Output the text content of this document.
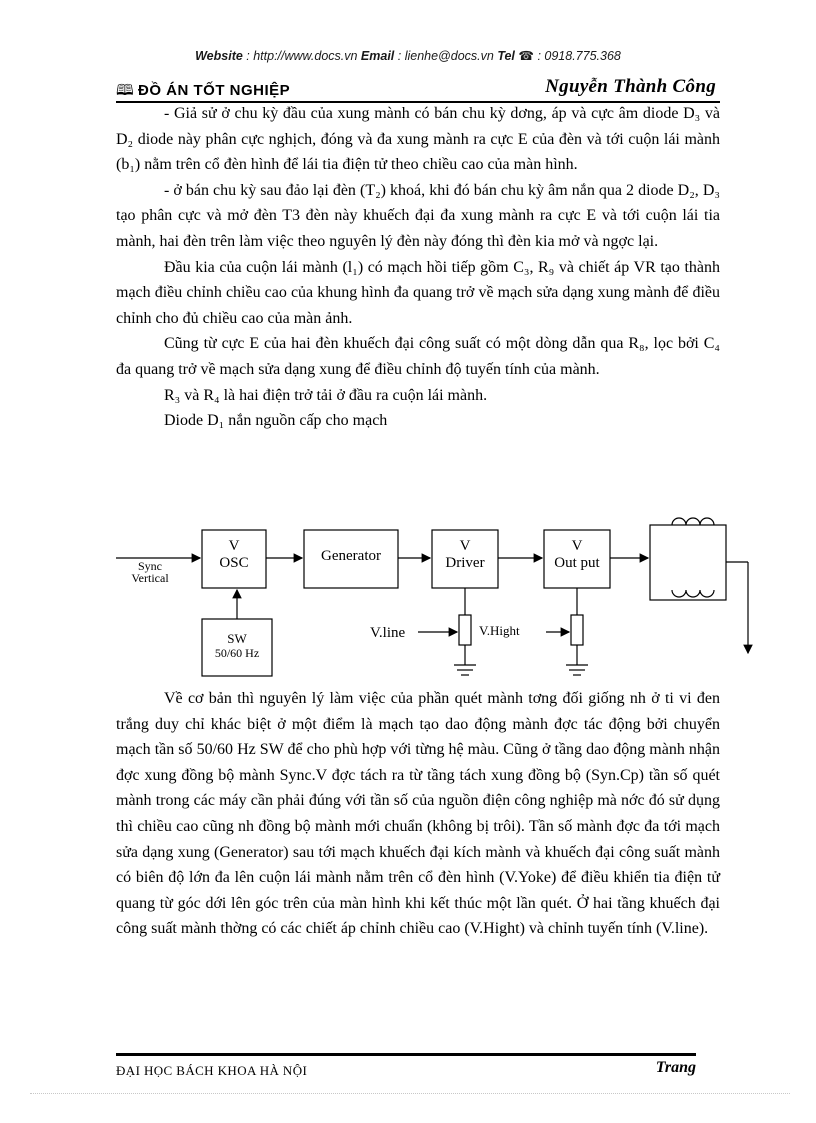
Website : http://www.docs.vn Email : lienhe@docs.vn Tel ☎ : 0918.775.368
🕮 ĐỒ ÁN TỐT NGHIỆP	Nguyễn Thành Công

- Giả sử ở chu kỳ đầu của xung mành có bán chu kỳ dơng, áp và cực âm diode D₃ và D₂ diode này phân cực nghịch, đóng và đa xung mành ra cực E của đèn và tới cuộn lái mành (b₁) nằm trên cổ đèn hình để lái tia điện tử theo chiều cao của màn hình.

- ở bán chu kỳ sau đảo lại đèn (T₂) khoá, khi đó bán chu kỳ âm nắn qua 2 diode D₂, D₃ tạo phân cực và mở đèn T3 đèn này khuếch đại đa xung mành ra cực E và tới cuộn lái tia mành, hai đèn trên làm việc theo nguyên lý đèn này đóng thì đèn kia mở và ngợc lại.

Đầu kia của cuộn lái mành (l₁) có mạch hồi tiếp gồm C₃, R₉ và chiết áp VR tạo thành mạch điều chỉnh chiều cao của khung hình đa quang trở về mạch sửa dạng xung mành để điều chỉnh cho đủ chiều cao của màn ảnh.

Cũng từ cực E của hai đèn khuếch đại công suất có một dòng dẫn qua R₈, lọc bởi C₄ đa quang trở về mạch sửa dạng xung để điều chỉnh độ tuyến tính của mành.

R₃ và R₄ là hai điện trở tải ở đầu ra cuộn lái mành.

Diode D₁ nắn nguồn cấp cho mạch

Sync
Vertical
V
OSC	Generator
V
Driver
V
Out put
SW
50/60 Hz
V.line	V.Hight

Về cơ bản thì nguyên lý làm việc của phần quét mành tơng đối giống nh ở ti vi đen trắng duy chỉ khác biệt ở một điểm là mạch tạo dao động mành đợc tác động bởi chuyển mạch tần số 50/60 Hz SW để cho phù hợp với từng hệ màu. Cũng ở tầng dao động mành nhận đợc xung đồng bộ mành Sync.V đợc tách ra từ tầng tách xung đồng bộ (Syn.Cp) tần số quét mành trong các máy cần phải đúng với tần số của nguồn điện công nghiệp mà nớc đó sử dụng thì chiều cao cũng nh đồng bộ mành mới chuẩn (không bị trôi). Tần số mành đợc đa tới mạch sửa dạng xung (Generator) sau tới mạch khuếch đại kích mành và khuếch đại công suất mành có biên độ lớn đa lên cuộn lái mành nằm trên cổ đèn hình (V.Yoke) để điều khiển tia điện tử quang từ góc dới lên góc trên của màn hình khi kết thúc một lần quét. Ở hai tầng khuếch đại công suất mành thờng có các chiết áp chỉnh chiều cao (V.Hight) và chỉnh tuyến tính (V.line).

ĐẠI HỌC BÁCH KHOA HÀ NỘI	Trang
